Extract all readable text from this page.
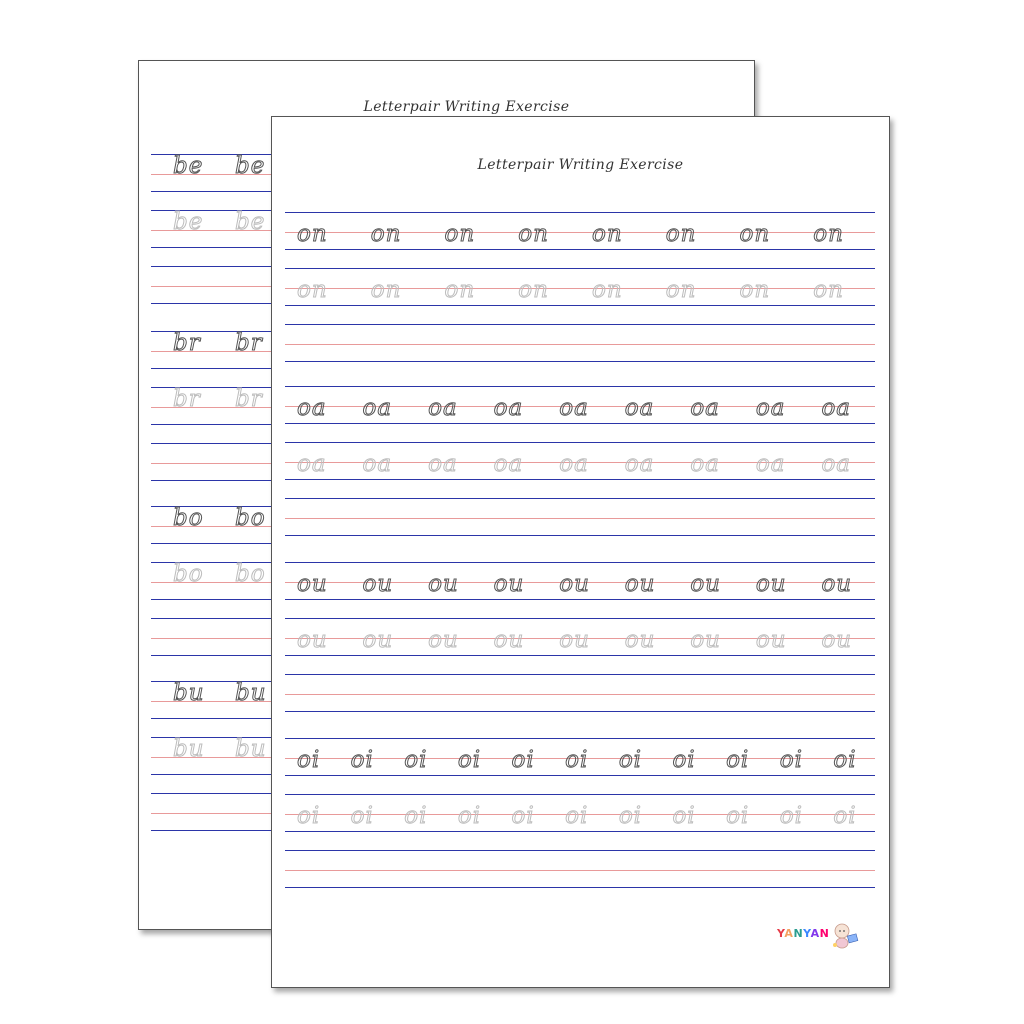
Letterpair Writing Exercise
be
be
be
be
br
br
br
br
bo
bo
bo
bo
bu
bu
bu
bu
Letterpair Writing Exercise
YANYAN
on
on
on
on
on
on
on
on
on
on
on
on
on
on
on
on
oa
oa
oa
oa
oa
oa
oa
oa
oa
oa
oa
oa
oa
oa
oa
oa
oa
oa
ou
ou
ou
ou
ou
ou
ou
ou
ou
ou
ou
ou
ou
ou
ou
ou
ou
ou
oi
oi
oi
oi
oi
oi
oi
oi
oi
oi
oi
oi
oi
oi
oi
oi
oi
oi
oi
oi
oi
oi
